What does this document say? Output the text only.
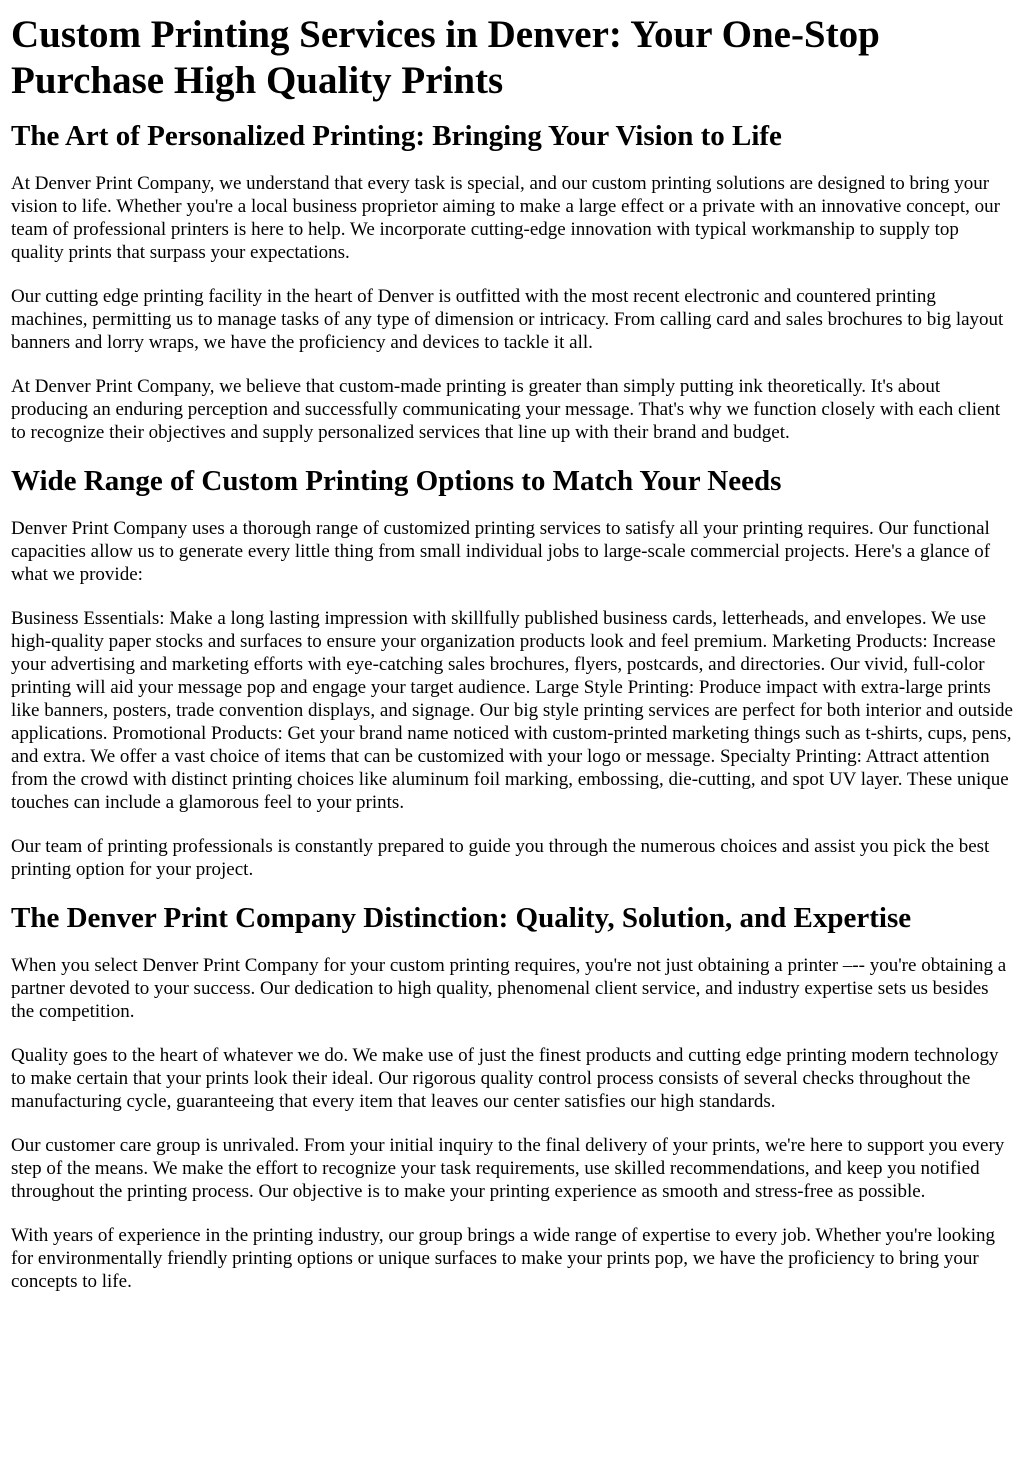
Custom Printing Services in Denver: Your One-Stop Purchase High Quality Prints
The Art of Personalized Printing: Bringing Your Vision to Life

At Denver Print Company, we understand that every task is special, and our custom printing solutions are designed to bring your vision to life. Whether you're a local business proprietor aiming to make a large effect or a private with an innovative concept, our team of professional printers is here to help. We incorporate cutting-edge innovation with typical workmanship to supply top quality prints that surpass your expectations.

Our cutting edge printing facility in the heart of Denver is outfitted with the most recent electronic and countered printing machines, permitting us to manage tasks of any type of dimension or intricacy. From calling card and sales brochures to big layout banners and lorry wraps, we have the proficiency and devices to tackle it all.

At Denver Print Company, we believe that custom-made printing is greater than simply putting ink theoretically. It's about producing an enduring perception and successfully communicating your message. That's why we function closely with each client to recognize their objectives and supply personalized services that line up with their brand and budget.

Wide Range of Custom Printing Options to Match Your Needs

Denver Print Company uses a thorough range of customized printing services to satisfy all your printing requires. Our functional capacities allow us to generate every little thing from small individual jobs to large-scale commercial projects. Here's a glance of what we provide:

Business Essentials: Make a long lasting impression with skillfully published business cards, letterheads, and envelopes. We use high-quality paper stocks and surfaces to ensure your organization products look and feel premium. Marketing Products: Increase your advertising and marketing efforts with eye-catching sales brochures, flyers, postcards, and directories. Our vivid, full-color printing will aid your message pop and engage your target audience. Large Style Printing: Produce impact with extra-large prints like banners, posters, trade convention displays, and signage. Our big style printing services are perfect for both interior and outside applications. Promotional Products: Get your brand name noticed with custom-printed marketing things such as t-shirts, cups, pens, and extra. We offer a vast choice of items that can be customized with your logo or message. Specialty Printing: Attract attention from the crowd with distinct printing choices like aluminum foil marking, embossing, die-cutting, and spot UV layer. These unique touches can include a glamorous feel to your prints.

Our team of printing professionals is constantly prepared to guide you through the numerous choices and assist you pick the best printing option for your project.

The Denver Print Company Distinction: Quality, Solution, and Expertise

When you select Denver Print Company for your custom printing requires, you're not just obtaining a printer –-- you're obtaining a partner devoted to your success. Our dedication to high quality, phenomenal client service, and industry expertise sets us besides the competition.

Quality goes to the heart of whatever we do. We make use of just the finest products and cutting edge printing modern technology to make certain that your prints look their ideal. Our rigorous quality control process consists of several checks throughout the manufacturing cycle, guaranteeing that every item that leaves our center satisfies our high standards.

Our customer care group is unrivaled. From your initial inquiry to the final delivery of your prints, we're here to support you every step of the means. We make the effort to recognize your task requirements, use skilled recommendations, and keep you notified throughout the printing process. Our objective is to make your printing experience as smooth and stress-free as possible.

With years of experience in the printing industry, our group brings a wide range of expertise to every job. Whether you're looking for environmentally friendly printing options or unique surfaces to make your prints pop, we have the proficiency to bring your concepts to life.
